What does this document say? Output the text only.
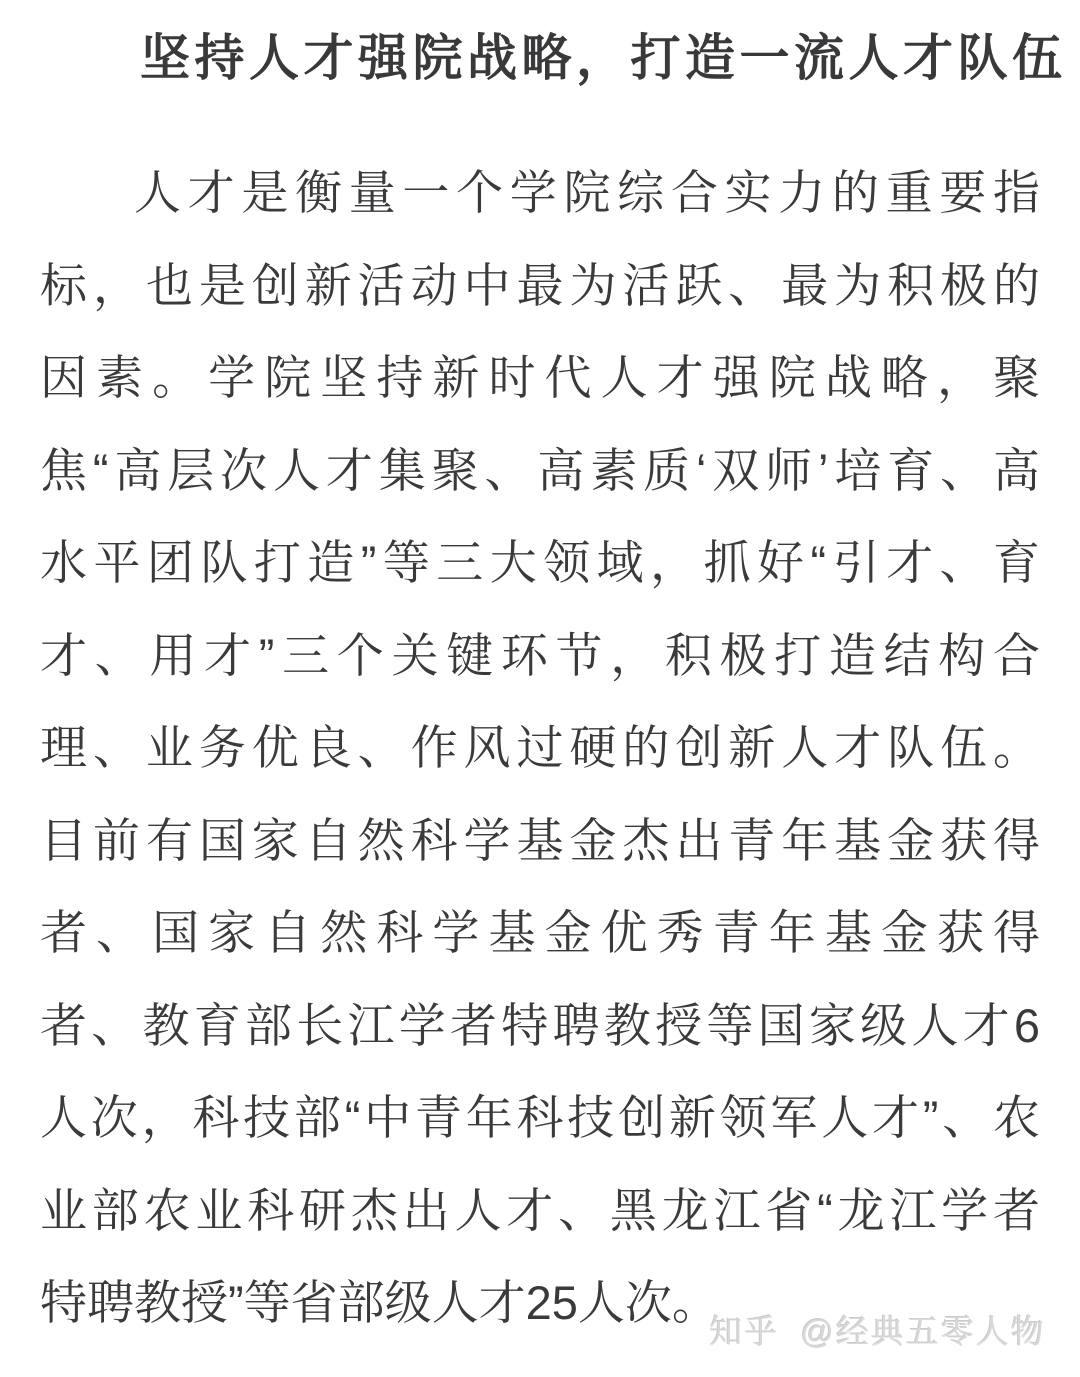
坚持人才强院战略，打造一流人才队伍
人才是衡量一个学院综合实力的重要指
标，也是创新活动中最为活跃、最为积极的
因素。学院坚持新时代人才强院战略，聚
焦“高层次人才集聚、高素质‘双师’培育、高
水平团队打造”等三大领域，抓好“引才、育
才、用才”三个关键环节，积极打造结构合
理、业务优良、作风过硬的创新人才队伍。
目前有国家自然科学基金杰出青年基金获得
者、国家自然科学基金优秀青年基金获得
者、教育部长江学者特聘教授等国家级人才6
人次，科技部“中青年科技创新领军人才”、农
业部农业科研杰出人才、黑龙江省“龙江学者
特聘教授”等省部级人才25人次。
知乎 @经典五零人物
